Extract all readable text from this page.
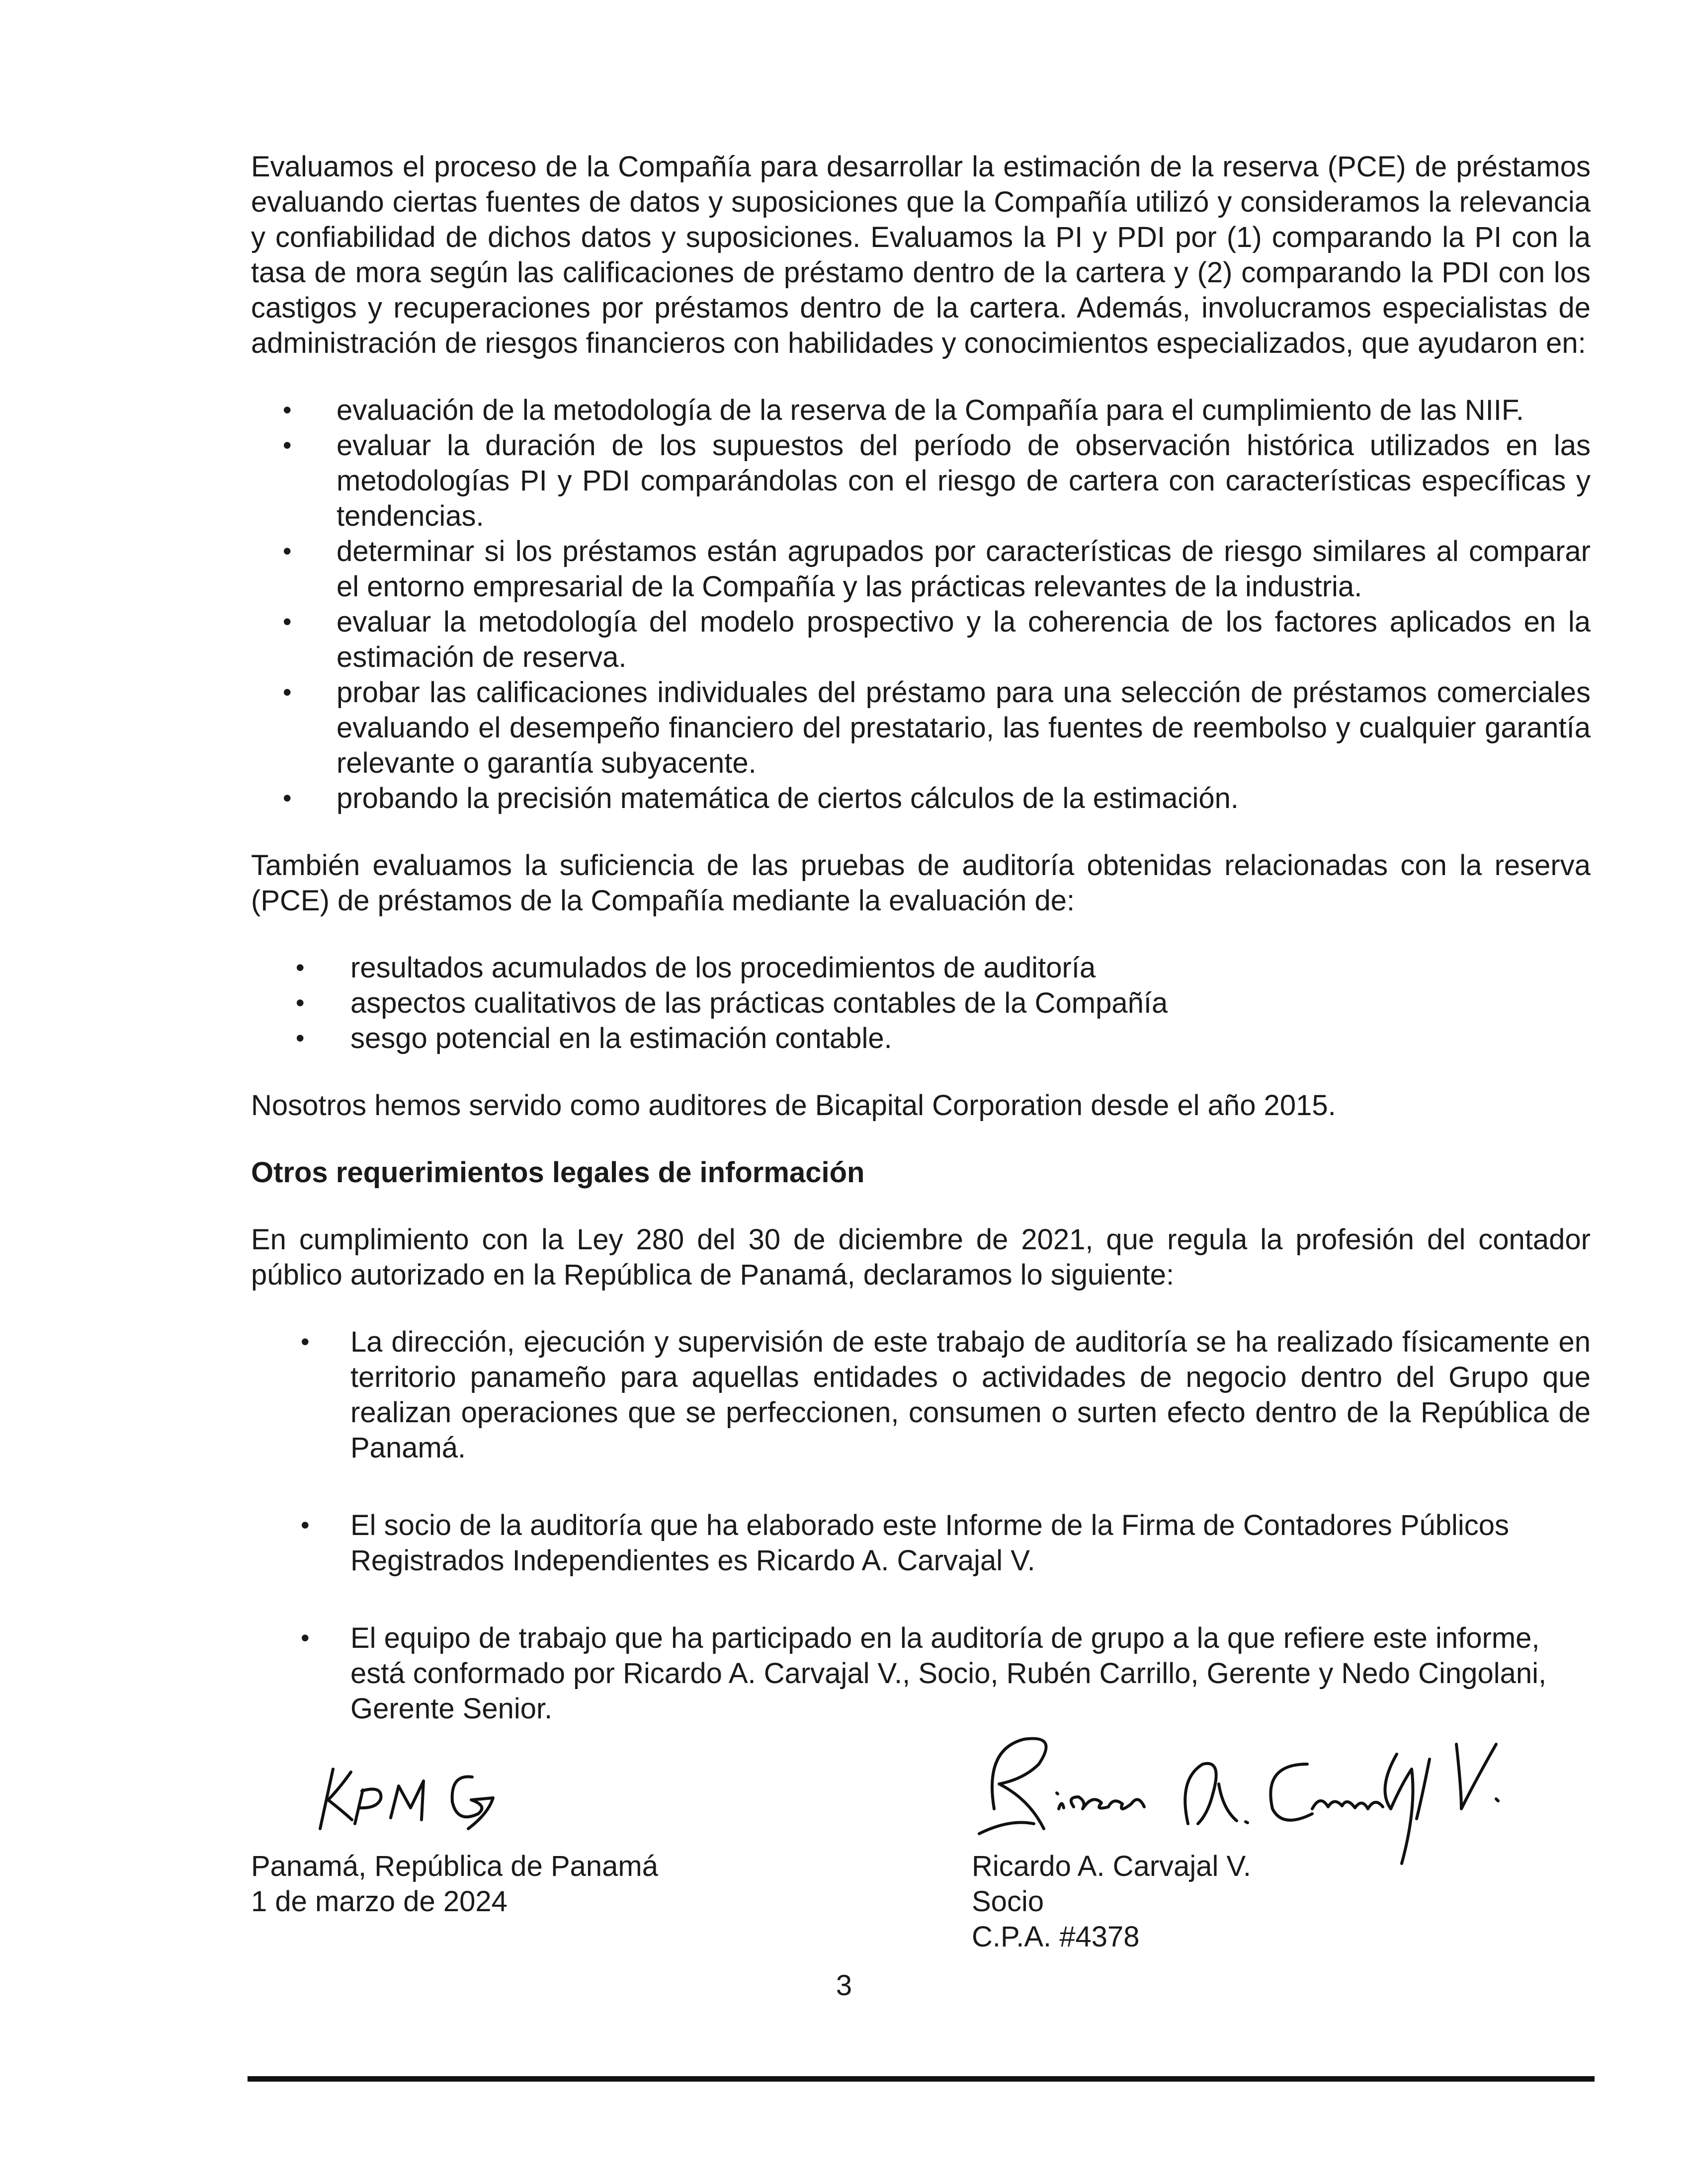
Evaluamos el proceso de la Compañía para desarrollar la estimación de la reserva (PCE) de préstamos evaluando ciertas fuentes de datos y suposiciones que la Compañía utilizó y consideramos la relevancia y confiabilidad de dichos datos y suposiciones. Evaluamos la PI y PDI por (1) comparando la PI con la tasa de mora según las calificaciones de préstamo dentro de la cartera y (2) comparando la PDI con los castigos y recuperaciones por préstamos dentro de la cartera. Además, involucramos especialistas de administración de riesgos financieros con habilidades y conocimientos especializados, que ayudaron en:

• evaluación de la metodología de la reserva de la Compañía para el cumplimiento de las NIIF.
• evaluar la duración de los supuestos del período de observación histórica utilizados en las metodologías PI y PDI comparándolas con el riesgo de cartera con características específicas y tendencias.
• determinar si los préstamos están agrupados por características de riesgo similares al comparar el entorno empresarial de la Compañía y las prácticas relevantes de la industria.
• evaluar la metodología del modelo prospectivo y la coherencia de los factores aplicados en la estimación de reserva.
• probar las calificaciones individuales del préstamo para una selección de préstamos comerciales evaluando el desempeño financiero del prestatario, las fuentes de reembolso y cualquier garantía relevante o garantía subyacente.
• probando la precisión matemática de ciertos cálculos de la estimación.

También evaluamos la suficiencia de las pruebas de auditoría obtenidas relacionadas con la reserva (PCE) de préstamos de la Compañía mediante la evaluación de:

• resultados acumulados de los procedimientos de auditoría
• aspectos cualitativos de las prácticas contables de la Compañía
• sesgo potencial en la estimación contable.

Nosotros hemos servido como auditores de Bicapital Corporation desde el año 2015.

Otros requerimientos legales de información

En cumplimiento con la Ley 280 del 30 de diciembre de 2021, que regula la profesión del contador público autorizado en la República de Panamá, declaramos lo siguiente:

• La dirección, ejecución y supervisión de este trabajo de auditoría se ha realizado físicamente en territorio panameño para aquellas entidades o actividades de negocio dentro del Grupo que realizan operaciones que se perfeccionen, consumen o surten efecto dentro de la República de Panamá.
• El socio de la auditoría que ha elaborado este Informe de la Firma de Contadores Públicos Registrados Independientes es Ricardo A. Carvajal V.
• El equipo de trabajo que ha participado en la auditoría de grupo a la que refiere este informe, está conformado por Ricardo A. Carvajal V., Socio, Rubén Carrillo, Gerente y Nedo Cingolani, Gerente Senior.
Panamá, República de Panamá
1 de marzo de 2024
Ricardo A. Carvajal V.
Socio
C.P.A. #4378
3
